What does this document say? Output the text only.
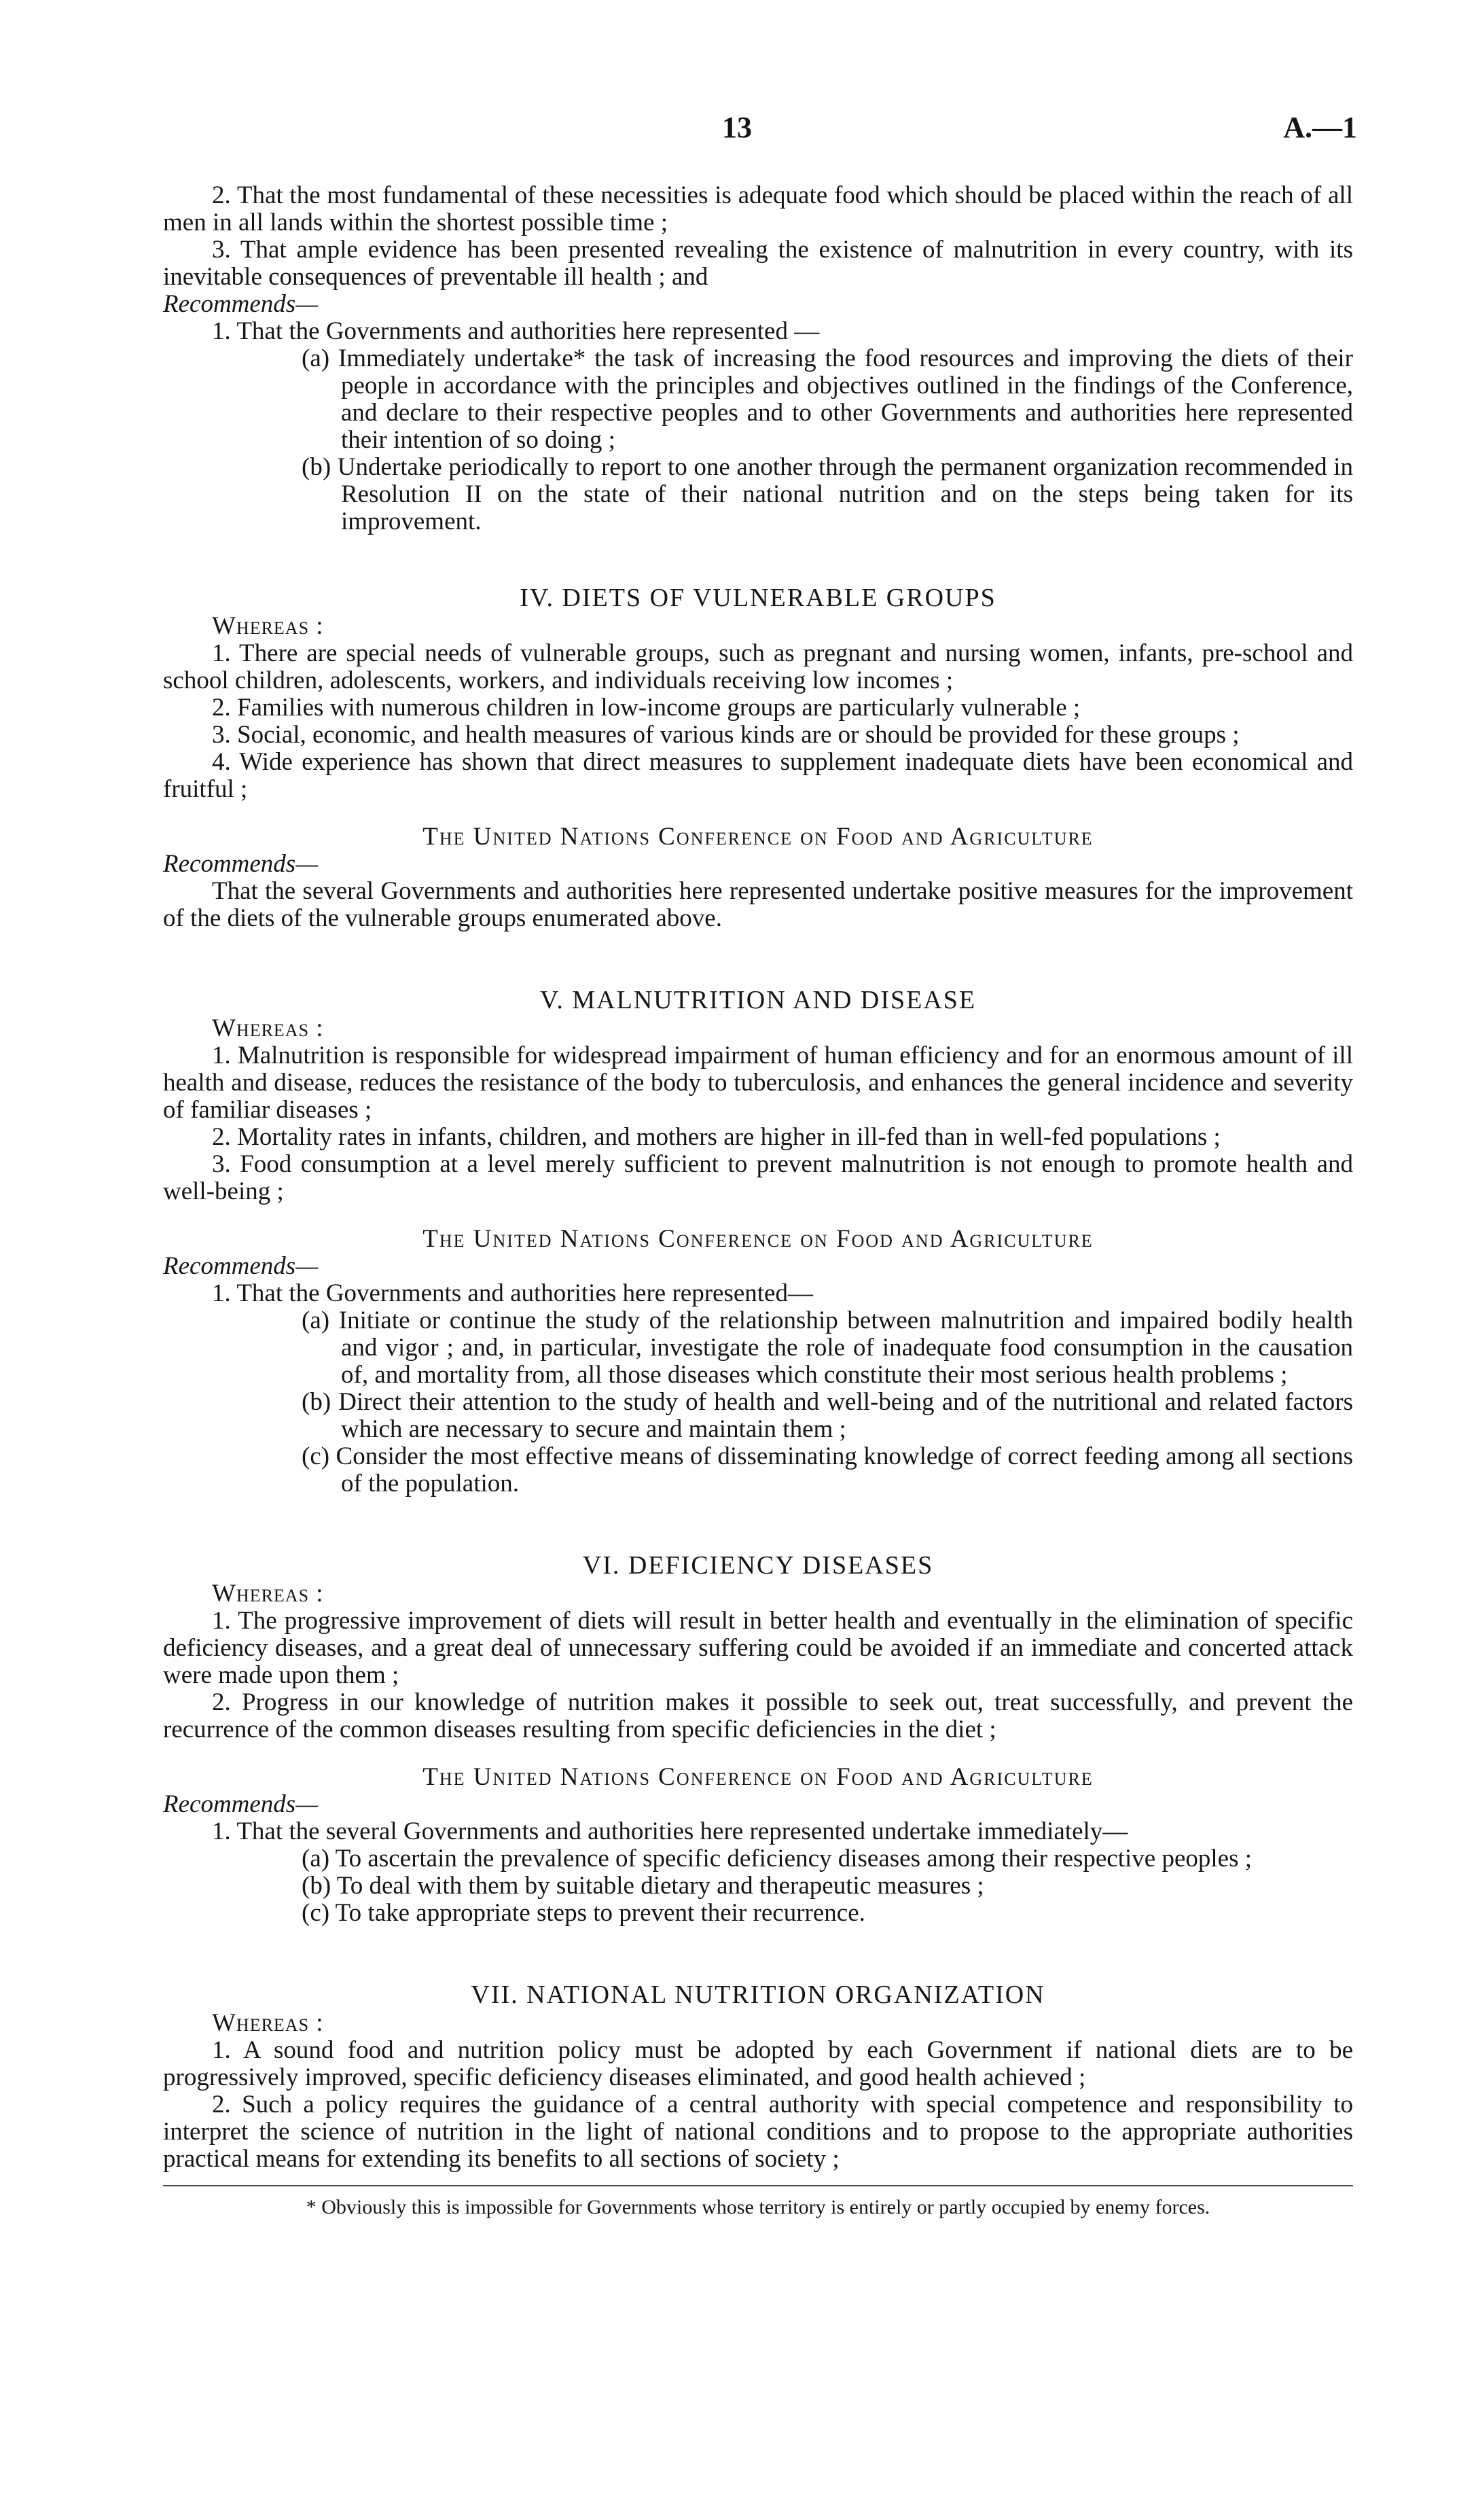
13	A.—1

2. That the most fundamental of these necessities is adequate food which should be placed within the reach of all men in all lands within the shortest possible time ;

3. That ample evidence has been presented revealing the existence of malnutrition in every country, with its inevitable consequences of preventable ill health ; and

Recommends—

1. That the Governments and authorities here represented —

(a) Immediately undertake* the task of increasing the food resources and improving the diets of their people in accordance with the principles and objectives outlined in the findings of the Conference, and declare to their respective peoples and to other Governments and authorities here represented their intention of so doing ;

(b) Undertake periodically to report to one another through the permanent organization recommended in Resolution II on the state of their national nutrition and on the steps being taken for its improvement.

IV. DIETS OF VULNERABLE GROUPS

Whereas :

1. There are special needs of vulnerable groups, such as pregnant and nursing women, infants, pre-school and school children, adolescents, workers, and individuals receiving low incomes ;

2. Families with numerous children in low-income groups are particularly vulnerable ;

3. Social, economic, and health measures of various kinds are or should be provided for these groups ;

4. Wide experience has shown that direct measures to supplement inadequate diets have been economical and fruitful ;

The United Nations Conference on Food and Agriculture

Recommends—

That the several Governments and authorities here represented undertake positive measures for the improvement of the diets of the vulnerable groups enumerated above.

V. MALNUTRITION AND DISEASE

Whereas :

1. Malnutrition is responsible for widespread impairment of human efficiency and for an enormous amount of ill health and disease, reduces the resistance of the body to tuberculosis, and enhances the general incidence and severity of familiar diseases ;

2. Mortality rates in infants, children, and mothers are higher in ill-fed than in well-fed populations ;

3. Food consumption at a level merely sufficient to prevent malnutrition is not enough to promote health and well-being ;

The United Nations Conference on Food and Agriculture

Recommends—

1. That the Governments and authorities here represented—

(a) Initiate or continue the study of the relationship between malnutrition and impaired bodily health and vigor ; and, in particular, investigate the role of inadequate food consumption in the causation of, and mortality from, all those diseases which constitute their most serious health problems ;

(b) Direct their attention to the study of health and well-being and of the nutritional and related factors which are necessary to secure and maintain them ;

(c) Consider the most effective means of disseminating knowledge of correct feeding among all sections of the population.

VI. DEFICIENCY DISEASES

Whereas :

1. The progressive improvement of diets will result in better health and eventually in the elimination of specific deficiency diseases, and a great deal of unnecessary suffering could be avoided if an immediate and concerted attack were made upon them ;

2. Progress in our knowledge of nutrition makes it possible to seek out, treat successfully, and prevent the recurrence of the common diseases resulting from specific deficiencies in the diet ;

The United Nations Conference on Food and Agriculture

Recommends—

1. That the several Governments and authorities here represented undertake immediately—

(a) To ascertain the prevalence of specific deficiency diseases among their respective peoples ;

(b) To deal with them by suitable dietary and therapeutic measures ;

(c) To take appropriate steps to prevent their recurrence.

VII. NATIONAL NUTRITION ORGANIZATION

Whereas :

1. A sound food and nutrition policy must be adopted by each Government if national diets are to be progressively improved, specific deficiency diseases eliminated, and good health achieved ;

2. Such a policy requires the guidance of a central authority with special competence and responsibility to interpret the science of nutrition in the light of national conditions and to propose to the appropriate authorities practical means for extending its benefits to all sections of society ;

* Obviously this is impossible for Governments whose territory is entirely or partly occupied by enemy forces.
